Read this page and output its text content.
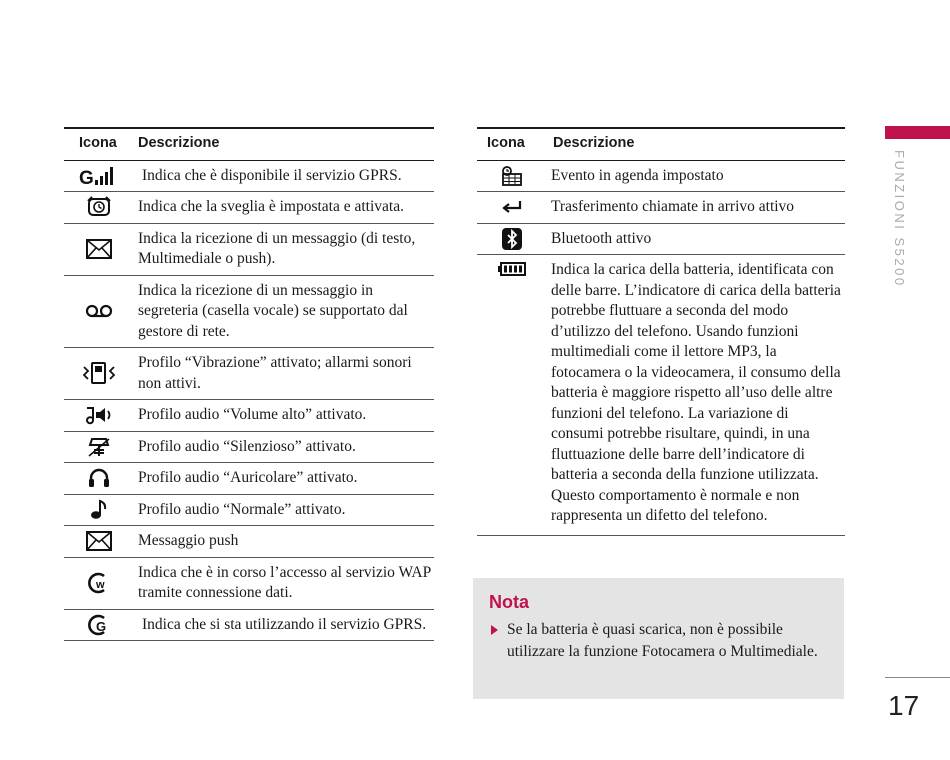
Icona	Descrizione

G	Indica che è disponibile il servizio GPRS.

	Indica che la sveglia è impostata e attivata.

	Indica la ricezione di un messaggio (di testo, Multimediale o push).

	Indica la ricezione di un messaggio in segreteria (casella vocale) se supportato dal gestore di rete.

	Profilo “Vibrazione” attivato; allarmi sonori non attivi.

	Profilo audio “Volume alto” attivato.

	Profilo audio “Silenzioso” attivato.

	Profilo audio “Auricolare” attivato.

	Profilo audio “Normale” attivato.

	Messaggio push

w	Indica che è in corso l’accesso al servizio WAP tramite connessione dati.

G	Indica che si sta utilizzando il servizio GPRS.
Icona	Descrizione

	Evento in agenda impostato

	Trasferimento chiamate in arrivo attivo

	Bluetooth attivo

	Indica la carica della batteria, identificata con delle barre. L’indicatore di carica della batteria potrebbe fluttuare a seconda del modo d’utilizzo del telefono. Usando funzioni multimediali come il lettore MP3, la fotocamera o la videocamera, il consumo della batteria è maggiore rispetto all’uso delle altre funzioni del telefono. La variazione di consumi potrebbe risultare, quindi, in una fluttuazione delle barre dell’indicatore di batteria a seconda della funzione utilizzata. Questo comportamento è normale e non rappresenta un difetto del telefono.
Nota
Se la batteria è quasi scarica, non è possibile utilizzare la funzione Fotocamera o Multimediale.
FUNZIONI S5200
17
